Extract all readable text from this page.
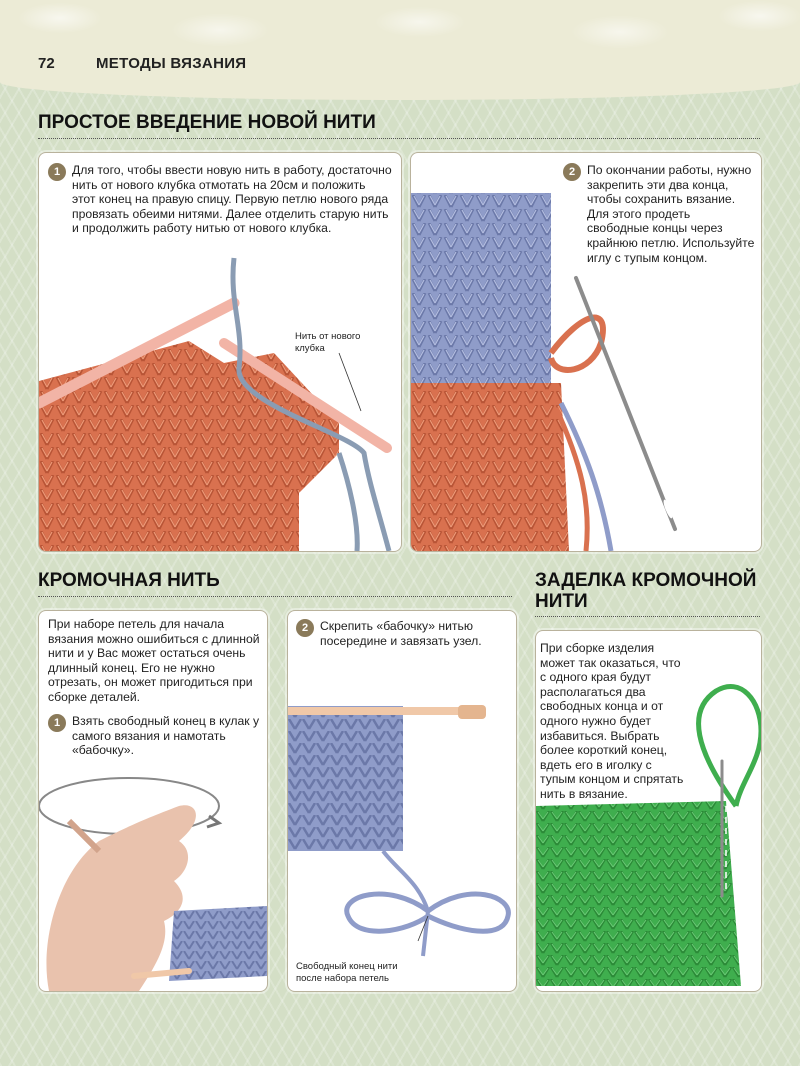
72	МЕТОДЫ ВЯЗАНИЯ
ПРОСТОЕ ВВЕДЕНИЕ НОВОЙ НИТИ
1 Для того, чтобы ввести новую нить в работу, достаточно нить от нового клубка отмотать на 20см и положить этот конец на правую спицу. Первую петлю нового ряда провязать обеими нитями. Далее отделить старую нить и продолжить работу нитью от нового клубка.
Нить от нового клубка
2 По окончании работы, нужно закрепить эти два конца, чтобы сохранить вязание. Для этого продеть свободные концы через крайнюю петлю. Используйте иглу с тупым концом.
КРОМОЧНАЯ НИТЬ	ЗАДЕЛКА КРОМОЧНОЙ НИТИ
При наборе петель для начала вязания можно ошибиться с длинной нити и у Вас может остаться очень длинный конец. Его не нужно отрезать, он может пригодиться при сборке деталей.
1 Взять свободный конец в кулак у самого вязания и намотать «бабочку».
2 Скрепить «бабочку» нитью посередине и завязать узел.
Свободный конец нити после набора петель
При сборке изделия может так оказаться, что с одного края будут располагаться два свободных конца и от одного нужно будет избавиться. Выбрать более короткий конец, вдеть его в иголку с тупым концом и спрятать нить в вязание.
